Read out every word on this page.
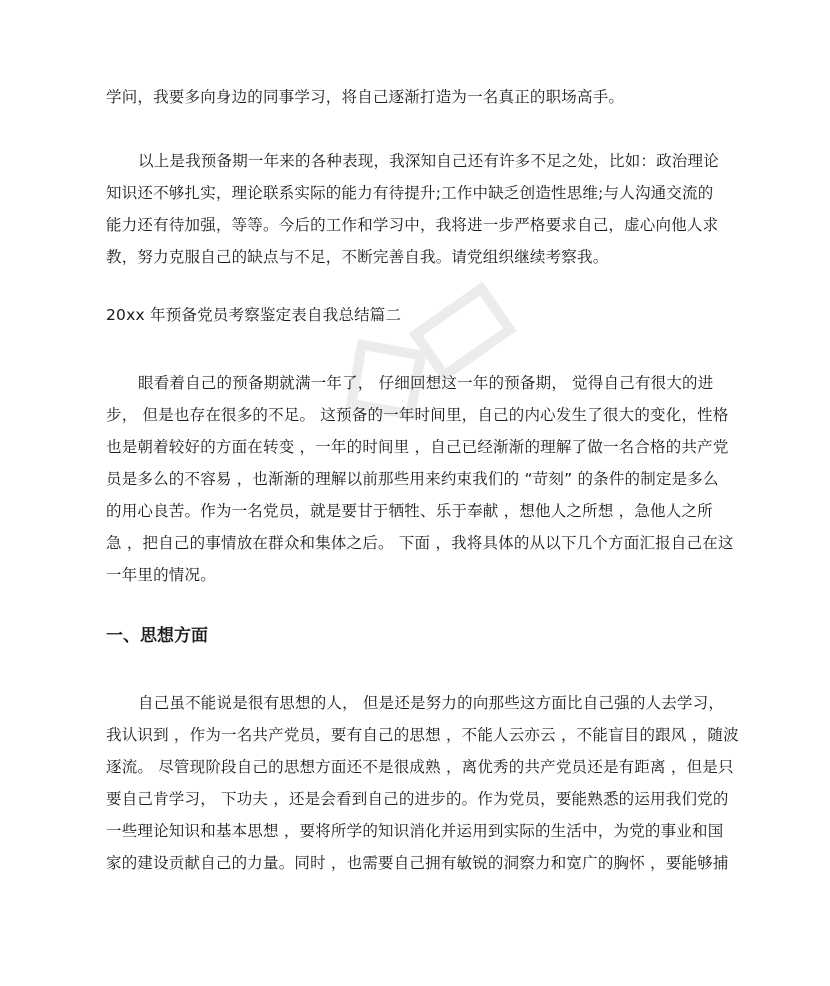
学问，我要多向身边的同事学习，将自己逐渐打造为一名真正的职场高手。
以上是我预备期一年来的各种表现，我深知自己还有许多不足之处，比如：政治理论
知识还不够扎实，理论联系实际的能力有待提升;工作中缺乏创造性思维;与人沟通交流的
能力还有待加强，等等。今后的工作和学习中，我将进一步严格要求自己，虚心向他人求
教，努力克服自己的缺点与不足，不断完善自我。请党组织继续考察我。
20xx 年预备党员考察鉴定表自我总结篇二
眼看着自己的预备期就满一年了， 仔细回想这一年的预备期， 觉得自己有很大的进
步， 但是也存在很多的不足。 这预备的一年时间里，自己的内心发生了很大的变化，性格
也是朝着较好的方面在转变 ，一年的时间里 ，自己已经渐渐的理解了做一名合格的共产党
员是多么的不容易 ，也渐渐的理解以前那些用来约束我们的 “苛刻” 的条件的制定是多么
的用心良苦。作为一名党员，就是要甘于牺牲、乐于奉献 ，想他人之所想 ，急他人之所
急 ，把自己的事情放在群众和集体之后。 下面 ，我将具体的从以下几个方面汇报自己在这
一年里的情况。
一、思想方面
自己虽不能说是很有思想的人， 但是还是努力的向那些这方面比自己强的人去学习，
我认识到 ，作为一名共产党员，要有自己的思想 ，不能人云亦云 ，不能盲目的跟风 ，随波
逐流。 尽管现阶段自己的思想方面还不是很成熟 ，离优秀的共产党员还是有距离 ，但是只
要自己肯学习， 下功夫 ，还是会看到自己的进步的。作为党员，要能熟悉的运用我们党的
一些理论知识和基本思想 ，要将所学的知识消化并运用到实际的生活中，为党的事业和国
家的建设贡献自己的力量。同时 ，也需要自己拥有敏锐的洞察力和宽广的胸怀 ，要能够捕
